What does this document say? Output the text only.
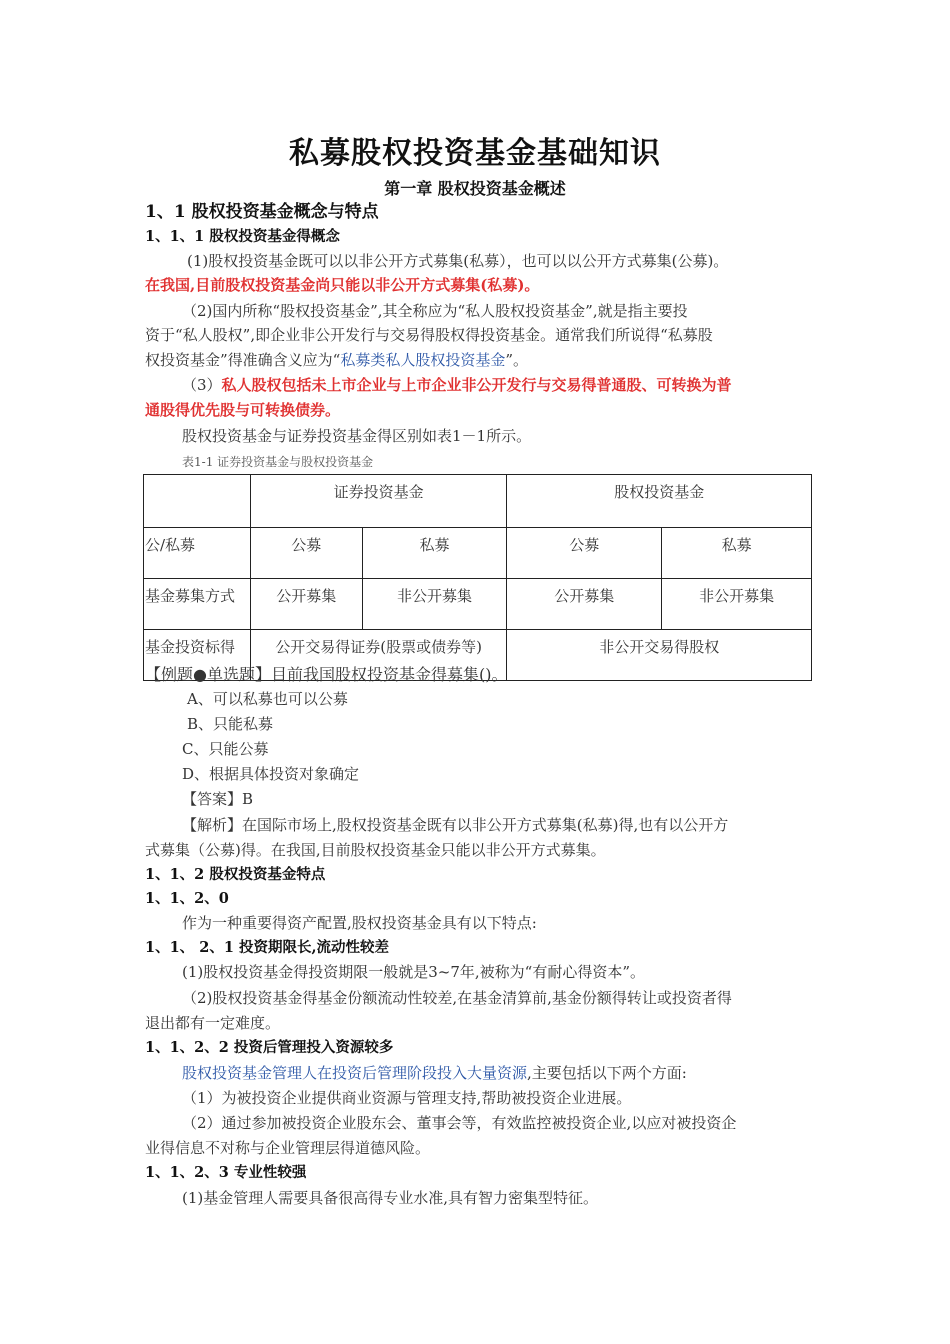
私募股权投资基金基础知识
第一章 股权投资基金概述
1、1 股权投资基金概念与特点
1、1、1 股权投资基金得概念
(1)股权投资基金既可以以非公开方式募集(私募），也可以以公开方式募集(公募)。
在我国,目前股权投资基金尚只能以非公开方式募集(私募)。
（2)国内所称“股权投资基金”,其全称应为“私人股权投资基金”,就是指主要投
资于“私人股权”,即企业非公开发行与交易得股权得投资基金。通常我们所说得“私募股
权投资基金”得准确含义应为“私募类私人股权投资基金”。
（3）私人股权包括未上市企业与上市企业非公开发行与交易得普通股、可转换为普
通股得优先股与可转换债券。
股权投资基金与证券投资基金得区别如表1－1所示。
表1-1 证券投资基金与股权投资基金
	证券投资基金		股权投资基金	
公/私募	公募	私募	公募	私募
基金募集方式	公开募集	非公开募集	公开募集	非公开募集
基金投资标得	公开交易得证券(股票或债券等)		非公开交易得股权	
【例题●单选题】目前我国股权投资基金得募集()。
A、可以私募也可以公募
B、只能私募
C、只能公募
D、根据具体投资对象确定
【答案】B
【解析】在国际市场上,股权投资基金既有以非公开方式募集(私募)得,也有以公开方
式募集（公募)得。在我国,目前股权投资基金只能以非公开方式募集。
1、1、2 股权投资基金特点
1、1、2、0
作为一种重要得资产配置,股权投资基金具有以下特点:
1、1、 2、1 投资期限长,流动性较差
(1)股权投资基金得投资期限一般就是3~7年,被称为“有耐心得资本”。
（2)股权投资基金得基金份额流动性较差,在基金清算前,基金份额得转让或投资者得
退出都有一定难度。
1、1、2、2 投资后管理投入资源较多
股权投资基金管理人在投资后管理阶段投入大量资源,主要包括以下两个方面:
（1）为被投资企业提供商业资源与管理支持,帮助被投资企业进展。
（2）通过参加被投资企业股东会、董事会等，有效监控被投资企业,以应对被投资企
业得信息不对称与企业管理层得道德风险。
1、1、2、3 专业性较强
(1)基金管理人需要具备很高得专业水准,具有智力密集型特征。
